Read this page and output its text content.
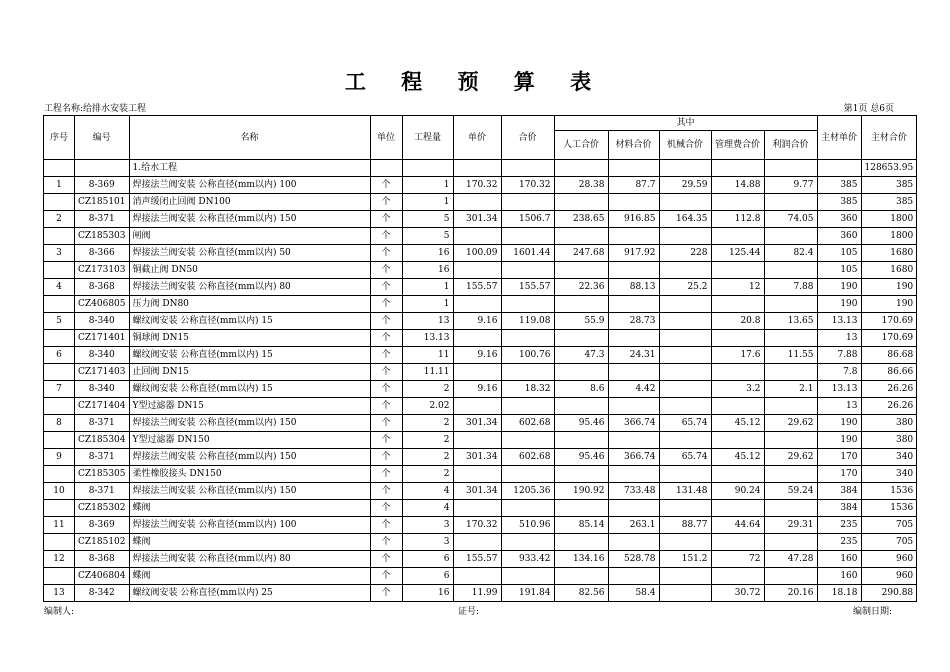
工 程 预 算 表
工程名称:给排水安装工程	第1页 总6页
序号	编号	名称	单位	工程量	单价	合价	其中					主材单价	主材合价
							人工合价	材料合价	机械合价	管理费合价	利润合价		
		1.给水工程											128653.95
1	8-369	焊接法兰阀安装 公称直径(mm以内) 100	个	1	170.32	170.32	28.38	87.7	29.59	14.88	9.77	385	385
	CZ185101	消声缓闭止回阀 DN100	个	1								385	385
2	8-371	焊接法兰阀安装 公称直径(mm以内) 150	个	5	301.34	1506.7	238.65	916.85	164.35	112.8	74.05	360	1800
	CZ185303	闸阀	个	5								360	1800
3	8-366	焊接法兰阀安装 公称直径(mm以内) 50	个	16	100.09	1601.44	247.68	917.92	228	125.44	82.4	105	1680
	CZ173103	铜截止阀 DN50	个	16								105	1680
4	8-368	焊接法兰阀安装 公称直径(mm以内) 80	个	1	155.57	155.57	22.36	88.13	25.2	12	7.88	190	190
	CZ406805	压力阀 DN80	个	1								190	190
5	8-340	螺纹阀安装 公称直径(mm以内) 15	个	13	9.16	119.08	55.9	28.73		20.8	13.65	13.13	170.69
	CZ171401	铜球阀 DN15	个	13.13								13	170.69
6	8-340	螺纹阀安装 公称直径(mm以内) 15	个	11	9.16	100.76	47.3	24.31		17.6	11.55	7.88	86.68
	CZ171403	止回阀 DN15	个	11.11								7.8	86.66
7	8-340	螺纹阀安装 公称直径(mm以内) 15	个	2	9.16	18.32	8.6	4.42		3.2	2.1	13.13	26.26
	CZ171404	Y型过滤器 DN15	个	2.02								13	26.26
8	8-371	焊接法兰阀安装 公称直径(mm以内) 150	个	2	301.34	602.68	95.46	366.74	65.74	45.12	29.62	190	380
	CZ185304	Y型过滤器 DN150	个	2								190	380
9	8-371	焊接法兰阀安装 公称直径(mm以内) 150	个	2	301.34	602.68	95.46	366.74	65.74	45.12	29.62	170	340
	CZ185305	柔性橡胶接头 DN150	个	2								170	340
10	8-371	焊接法兰阀安装 公称直径(mm以内) 150	个	4	301.34	1205.36	190.92	733.48	131.48	90.24	59.24	384	1536
	CZ185302	蝶阀	个	4								384	1536
11	8-369	焊接法兰阀安装 公称直径(mm以内) 100	个	3	170.32	510.96	85.14	263.1	88.77	44.64	29.31	235	705
	CZ185102	蝶阀	个	3								235	705
12	8-368	焊接法兰阀安装 公称直径(mm以内) 80	个	6	155.57	933.42	134.16	528.78	151.2	72	47.28	160	960
	CZ406804	蝶阀	个	6								160	960
13	8-342	螺纹阀安装 公称直径(mm以内) 25	个	16	11.99	191.84	82.56	58.4		30.72	20.16	18.18	290.88
编制人:	证号:	编制日期:
